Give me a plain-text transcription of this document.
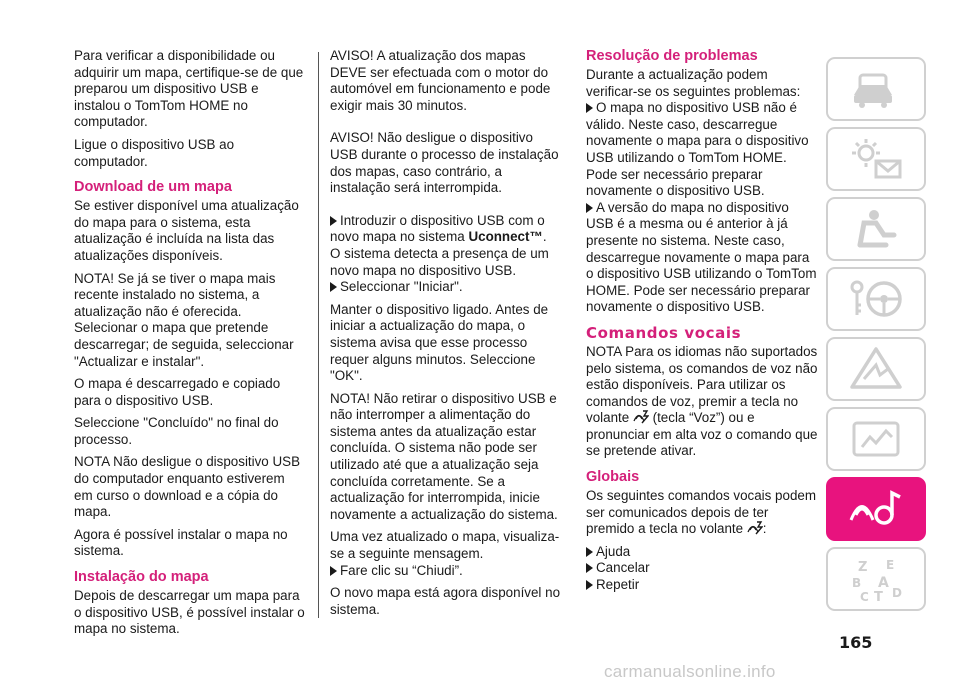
Para verificar a disponibilidade ou adquirir um mapa, certifique-se de que preparou um dispositivo USB e instalou o TomTom HOME no computador.

Ligue o dispositivo USB ao computador.

Download de um mapa

Se estiver disponível uma atualização do mapa para o sistema, esta atualização é incluída na lista das atualizações disponíveis.

NOTA! Se já se tiver o mapa mais recente instalado no sistema, a atualização não é oferecida. Selecionar o mapa que pretende descarregar; de seguida, seleccionar "Actualizar e instalar".

O mapa é descarregado e copiado para o dispositivo USB.

Seleccione "Concluído" no final do processo.

NOTA Não desligue o dispositivo USB do computador enquanto estiverem em curso o download e a cópia do mapa.

Agora é possível instalar o mapa no sistema.

Instalação do mapa

Depois de descarregar um mapa para o dispositivo USB, é possível instalar o mapa no sistema.

AVISO! A atualização dos mapas DEVE ser efectuada com o motor do automóvel em funcionamento e pode exigir mais 30 minutos.

AVISO! Não desligue o dispositivo USB durante o processo de instalação dos mapas, caso contrário, a instalação será interrompida.

Introduzir o dispositivo USB com o novo mapa no sistema Uconnect™.

O sistema detecta a presença de um novo mapa no dispositivo USB.

Seleccionar "Iniciar".

Manter o dispositivo ligado. Antes de iniciar a actualização do mapa, o sistema avisa que esse processo requer alguns minutos. Seleccione "OK".

NOTA! Não retirar o dispositivo USB e não interromper a alimentação do sistema antes da atualização estar concluída. O sistema não pode ser utilizado até que a atualização seja concluída corretamente. Se a actualização for interrompida, inicie novamente a actualização do sistema.

Uma vez atualizado o mapa, visualiza-se a seguinte mensagem.

Fare clic su “Chiudi”.

O novo mapa está agora disponível no sistema.

Resolução de problemas

Durante a actualização podem verificar-se os seguintes problemas:

O mapa no dispositivo USB não é válido. Neste caso, descarregue novamente o mapa para o dispositivo USB utilizando o TomTom HOME. Pode ser necessário preparar novamente o dispositivo USB.

A versão do mapa no dispositivo USB é a mesma ou é anterior à já presente no sistema. Neste caso, descarregue novamente o mapa para o dispositivo USB utilizando o TomTom HOME. Pode ser necessário preparar novamente o dispositivo USB.

Comandos vocais

NOTA Para os idiomas não suportados pelo sistema, os comandos de voz não estão disponíveis. Para utilizar os comandos de voz, premir a tecla no volante  (tecla “Voz”) ou e pronunciar em alta voz o comando que se pretende ativar.

Globais

Os seguintes comandos vocais podem ser comunicados depois de ter premido a tecla no volante :

Ajuda
Cancelar
Repetir
Z E
B A
C T D
165
carmanualsonline.info
